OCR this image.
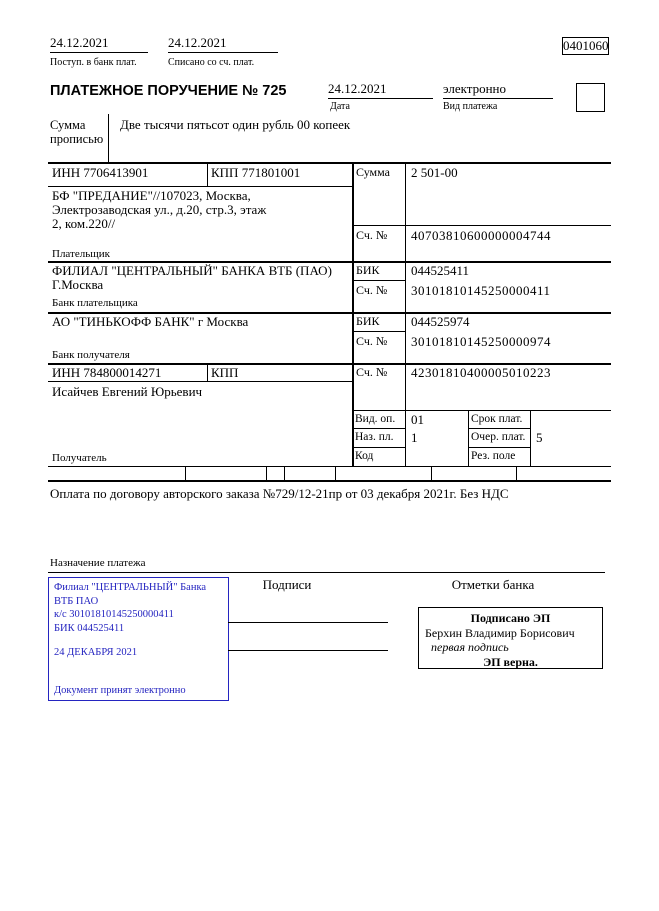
24.12.2021
Поступ. в банк плат.
24.12.2021
Списано со сч. плат.
0401060
ПЛАТЕЖНОЕ ПОРУЧЕНИЕ № 725	24.12.2021
Дата
электронно
Вид платежа
Сумма прописью
Две тысячи пятьсот один рубль 00 копеек
ИНН 7706413901	КПП 771801001	Сумма 2 501-00
БФ "ПРЕДАНИЕ"//107023, Москва,
Электрозаводская ул., д.20, стр.3, этаж
2, ком.220//
Плательщик
Сч. № 40703810600000004744
ФИЛИАЛ "ЦЕНТРАЛЬНЫЙ" БАНКА ВТБ (ПАО)
Г.Москва
Банк плательщика
БИК 044525411
Сч. № 30101810145250000411
АО "ТИНЬКОФФ БАНК" г Москва
Банк получателя
БИК 044525974
Сч. № 30101810145250000974
ИНН 784800014271	КПП	Сч. № 42301810400005010223
Исайчев Евгений Юрьевич
Получатель
Вид. оп. 01	Срок плат.
Наз. пл. 1	Очер. плат. 5
Код	Рез. поле
Оплата по договору авторского заказа №729/12-21пр от 03 декабря 2021г. Без НДС
Назначение платежа
Филиал "ЦЕНТРАЛЬНЫЙ" Банка
ВТБ ПАО
к/с 30101810145250000411
БИК 044525411
24 ДЕКАБРЯ 2021
Документ принят электронно
Подписи	Отметки банка
Подписано ЭП
Берхин Владимир Борисович
первая подпись
ЭП верна.
